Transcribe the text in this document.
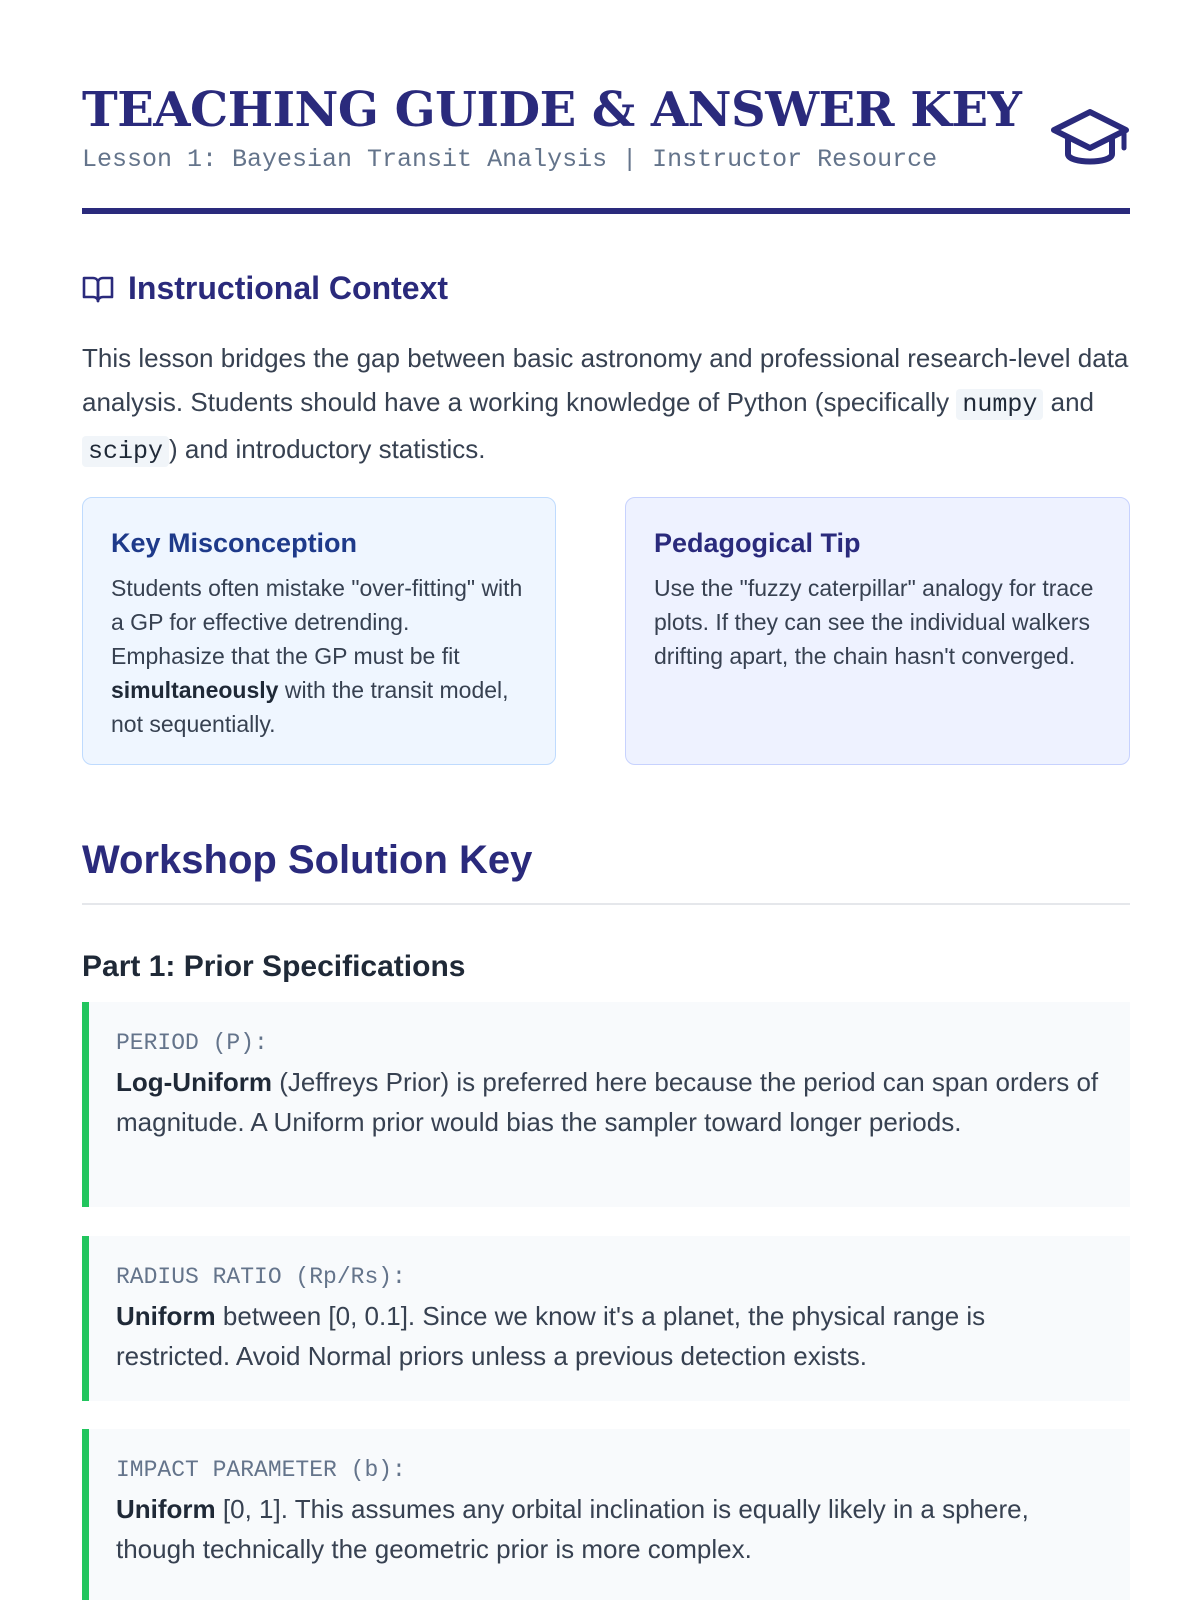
TEACHING GUIDE & ANSWER KEY
Lesson 1: Bayesian Transit Analysis | Instructor Resource
Instructional Context

This lesson bridges the gap between basic astronomy and professional research-level data analysis. Students should have a working knowledge of Python (specifically numpy and scipy ) and introductory statistics.

Key Misconception

Students often mistake "over-fitting" with a GP for effective detrending. Emphasize that the GP must be fit simultaneously with the transit model, not sequentially.

Pedagogical Tip

Use the "fuzzy caterpillar" analogy for trace plots. If they can see the individual walkers drifting apart, the chain hasn't converged.

Workshop Solution Key
Part 1: Prior Specifications
PERIOD (P):

Log-Uniform (Jeffreys Prior) is preferred here because the period can span orders of magnitude. A Uniform prior would bias the sampler toward longer periods.

RADIUS RATIO (Rp/Rs):

Uniform between [0, 0.1]. Since we know it's a planet, the physical range is restricted. Avoid Normal priors unless a previous detection exists.

IMPACT PARAMETER (b):

Uniform [0, 1]. This assumes any orbital inclination is equally likely in a sphere, though technically the geometric prior is more complex.
